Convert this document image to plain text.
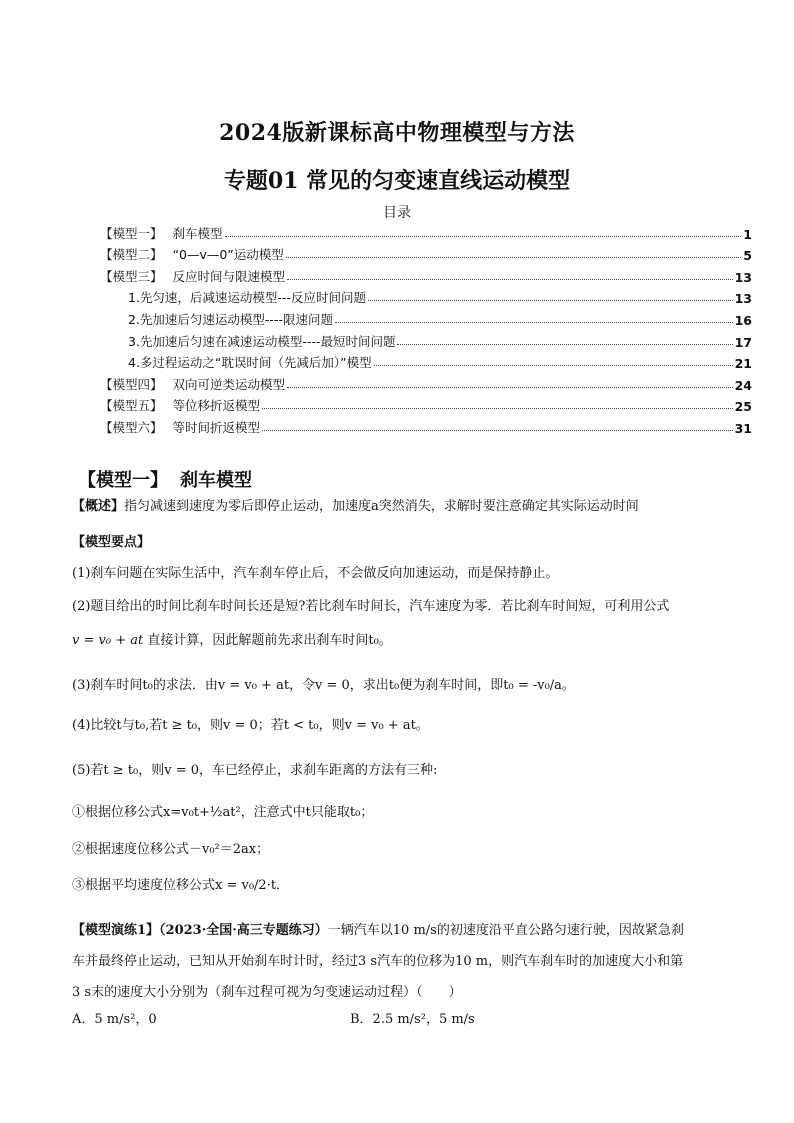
2024版新课标高中物理模型与方法
专题01 常见的匀变速直线运动模型
目录
【模型一】 刹车模型	1
【模型二】 “0—v—0”运动模型	5
【模型三】 反应时间与限速模型	13
1.先匀速，后减速运动模型---反应时间问题	13
2.先加速后匀速运动模型----限速问题	16
3.先加速后匀速在减速运动模型----最短时间问题	17
4.多过程运动之“耽误时间（先减后加）”模型	21
【模型四】 双向可逆类运动模型	24
【模型五】 等位移折返模型	25
【模型六】 等时间折返模型	31
【模型一】 刹车模型
【概述】指匀减速到速度为零后即停止运动，加速度a突然消失，求解时要注意确定其实际运动时间
【模型要点】
(1)刹车问题在实际生活中，汽车刹车停止后，不会做反向加速运动，而是保持静止。
(2)题目给出的时间比刹车时间长还是短?若比刹车时间长，汽车速度为零．若比刹车时间短，可利用公式
v = v₀ + at 直接计算，因此解题前先求出刹车时间t₀。
(3)刹车时间t₀的求法．由v = v₀ + at，令v = 0，求出t₀便为刹车时间，即t₀ = -v₀/a。
(4)比较t与t₀,若t ≥ t₀，则v = 0；若t < t₀，则v = v₀ + at。
(5)若t ≥ t₀，则v = 0，车已经停止，求刹车距离的方法有三种:
①根据位移公式x=v₀t+½at²，注意式中t只能取t₀；
②根据速度位移公式－v₀²＝2ax；
③根据平均速度位移公式x = v₀/2·t．
【模型演练1】（2023·全国·高三专题练习）一辆汽车以10 m/s的初速度沿平直公路匀速行驶，因故紧急刹
车并最终停止运动，已知从开始刹车时计时，经过3 s汽车的位移为10 m，则汽车刹车时的加速度大小和第
3 s末的速度大小分别为（刹车过程可视为匀变速运动过程）（　　）
A．5 m/s²，0	B．2.5 m/s²，5 m/s
